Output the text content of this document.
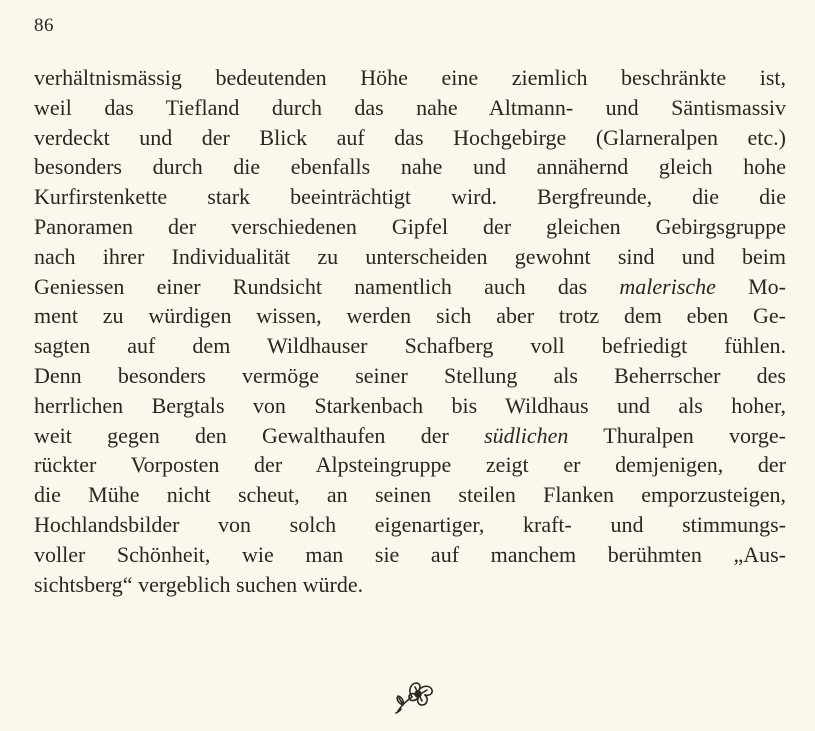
86
verhältnismässig bedeutenden Höhe eine ziemlich beschränkte ist,
weil das Tiefland durch das nahe Altmann- und Säntismassiv
verdeckt und der Blick auf das Hochgebirge (Glarneralpen etc.)
besonders durch die ebenfalls nahe und annähernd gleich hohe
Kurfirstenkette stark beeinträchtigt wird. Bergfreunde, die die
Panoramen der verschiedenen Gipfel der gleichen Gebirgsgruppe
nach ihrer Individualität zu unterscheiden gewohnt sind und beim
Geniessen einer Rundsicht namentlich auch das malerische Mo-
ment zu würdigen wissen, werden sich aber trotz dem eben Ge-
sagten auf dem Wildhauser Schafberg voll befriedigt fühlen.
Denn besonders vermöge seiner Stellung als Beherrscher des
herrlichen Bergtals von Starkenbach bis Wildhaus und als hoher,
weit gegen den Gewalthaufen der südlichen Thuralpen vorge-
rückter Vorposten der Alpsteingruppe zeigt er demjenigen, der
die Mühe nicht scheut, an seinen steilen Flanken emporzusteigen,
Hochlandsbilder von solch eigenartiger, kraft- und stimmungs-
voller Schönheit, wie man sie auf manchem berühmten „Aus-
sichtsberg“ vergeblich suchen würde.
